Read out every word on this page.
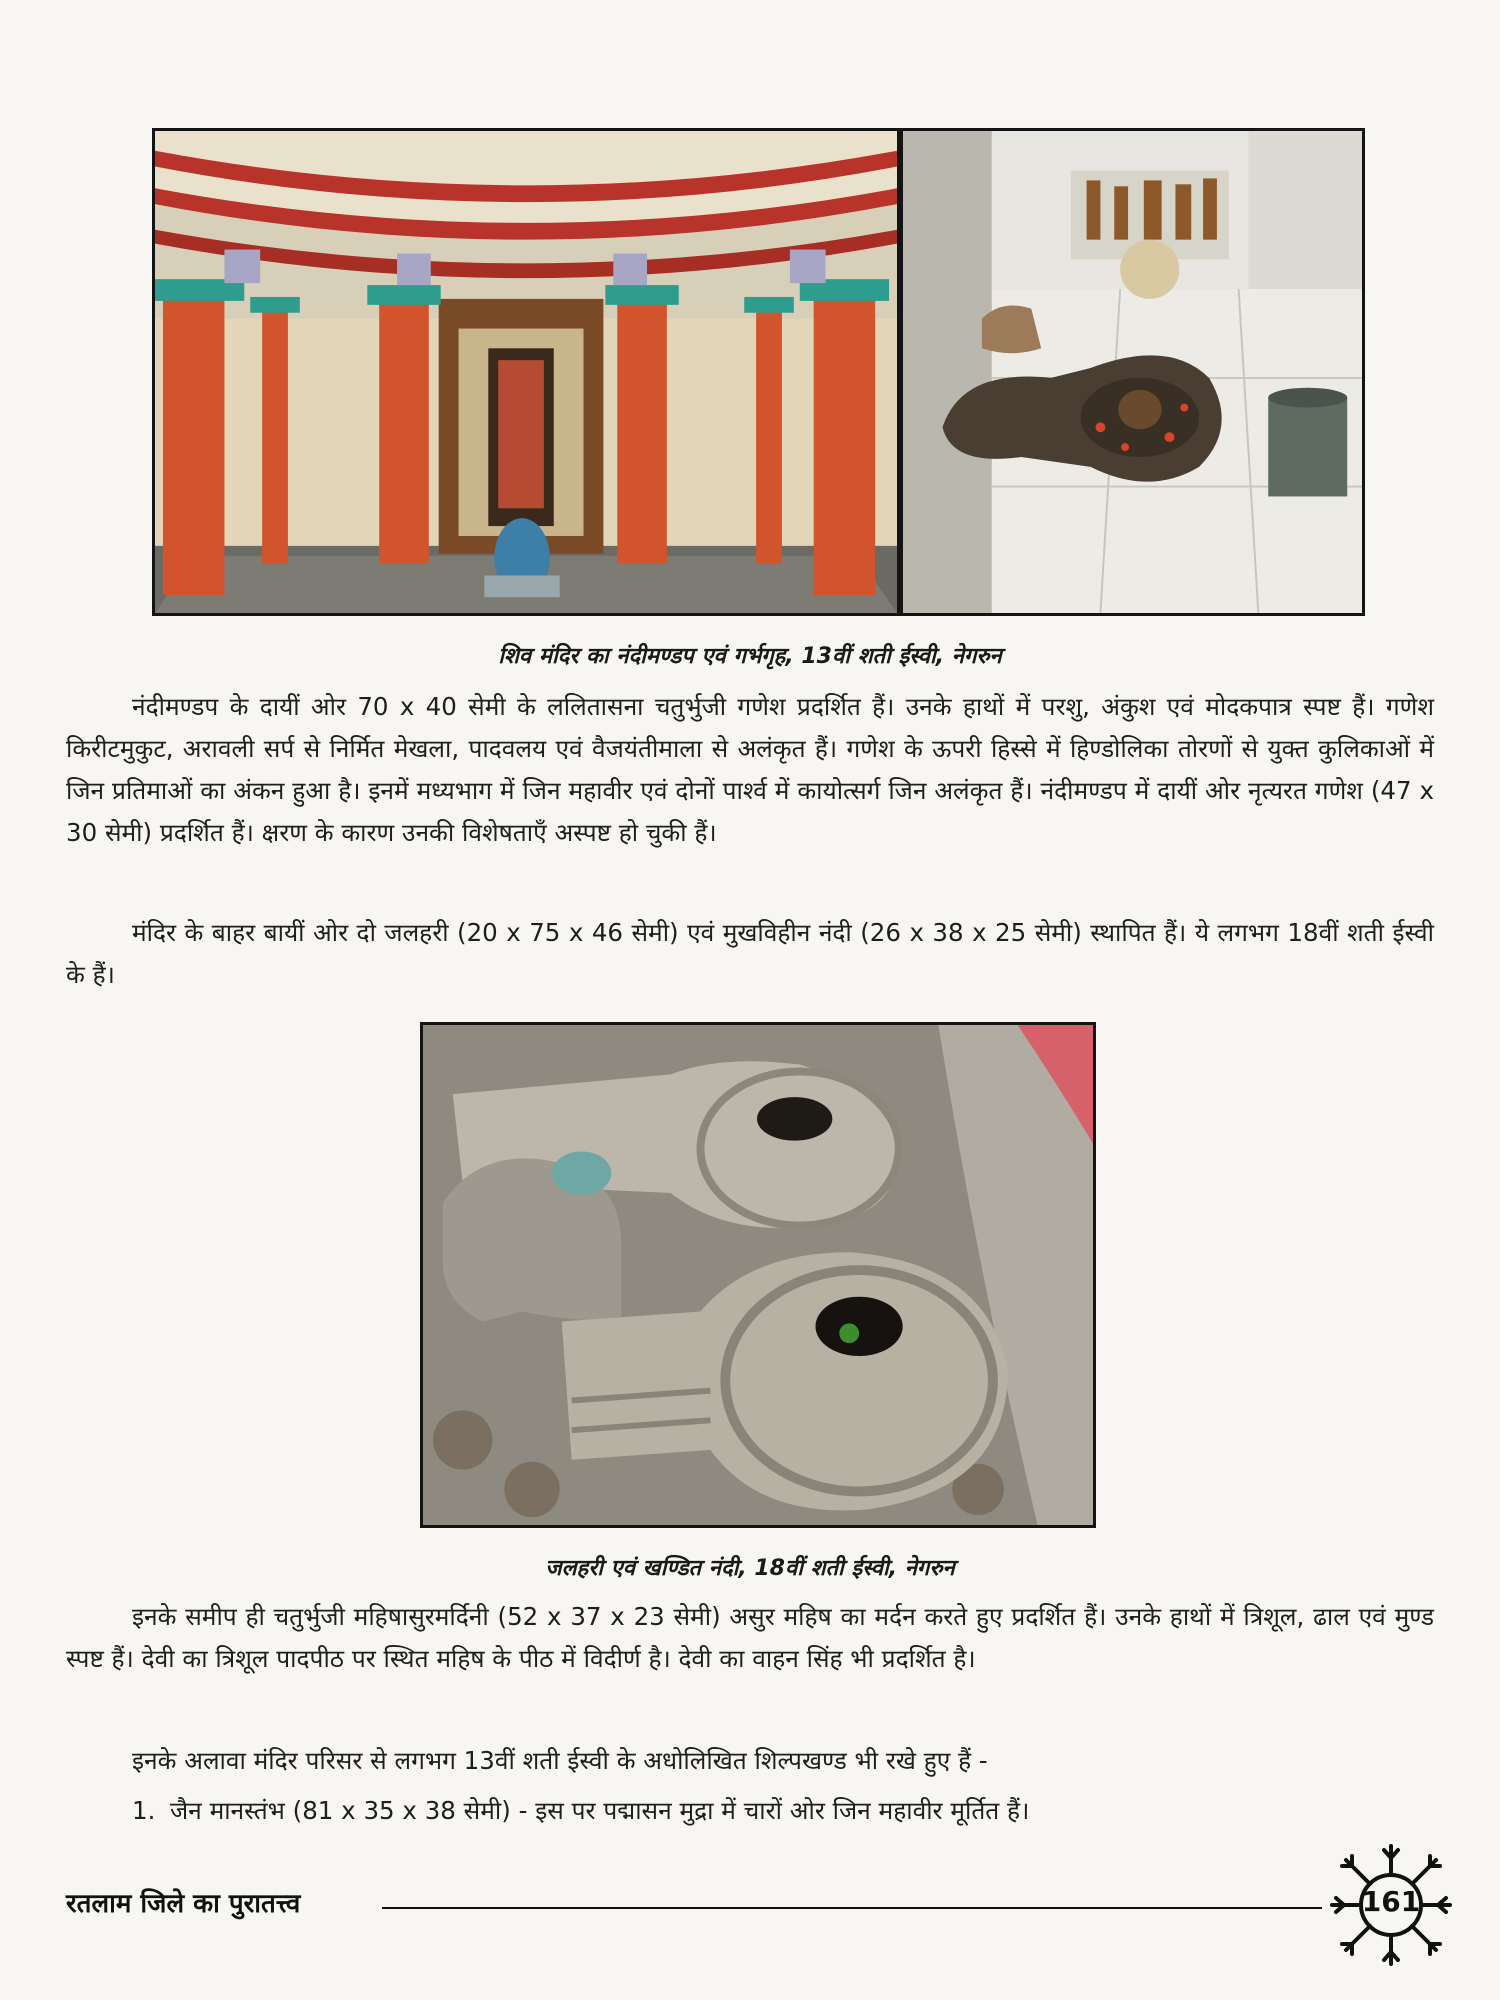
शिव मंदिर का नंदीमण्डप एवं गर्भगृह, 13वीं शती ईस्वी, नेगरुन

नंदीमण्डप के दायीं ओर 70 x 40 सेमी के ललितासना चतुर्भुजी गणेश प्रदर्शित हैं। उनके हाथों में परशु, अंकुश एवं मोदकपात्र स्पष्ट हैं। गणेश किरीटमुकुट, अरावली सर्प से निर्मित मेखला, पादवलय एवं वैजयंतीमाला से अलंकृत हैं। गणेश के ऊपरी हिस्से में हिण्डोलिका तोरणों से युक्त कुलिकाओं में जिन प्रतिमाओं का अंकन हुआ है। इनमें मध्यभाग में जिन महावीर एवं दोनों पार्श्व में कायोत्सर्ग जिन अलंकृत हैं। नंदीमण्डप में दायीं ओर नृत्यरत गणेश (47 x 30 सेमी) प्रदर्शित हैं। क्षरण के कारण उनकी विशेषताएँ अस्पष्ट हो चुकी हैं।

मंदिर के बाहर बायीं ओर दो जलहरी (20 x 75 x 46 सेमी) एवं मुखविहीन नंदी (26 x 38 x 25 सेमी) स्थापित हैं। ये लगभग 18वीं शती ईस्वी के हैं।

जलहरी एवं खण्डित नंदी, 18वीं शती ईस्वी, नेगरुन

इनके समीप ही चतुर्भुजी महिषासुरमर्दिनी (52 x 37 x 23 सेमी) असुर महिष का मर्दन करते हुए प्रदर्शित हैं। उनके हाथों में त्रिशूल, ढाल एवं मुण्ड स्पष्ट हैं। देवी का त्रिशूल पादपीठ पर स्थित महिष के पीठ में विदीर्ण है। देवी का वाहन सिंह भी प्रदर्शित है।

इनके अलावा मंदिर परिसर से लगभग 13वीं शती ईस्वी के अधोलिखित शिल्पखण्ड भी रखे हुए हैं -

1. जैन मानस्तंभ (81 x 35 x 38 सेमी) - इस पर पद्मासन मुद्रा में चारों ओर जिन महावीर मूर्तित हैं।

रतलाम जिले का पुरातत्त्व	161
